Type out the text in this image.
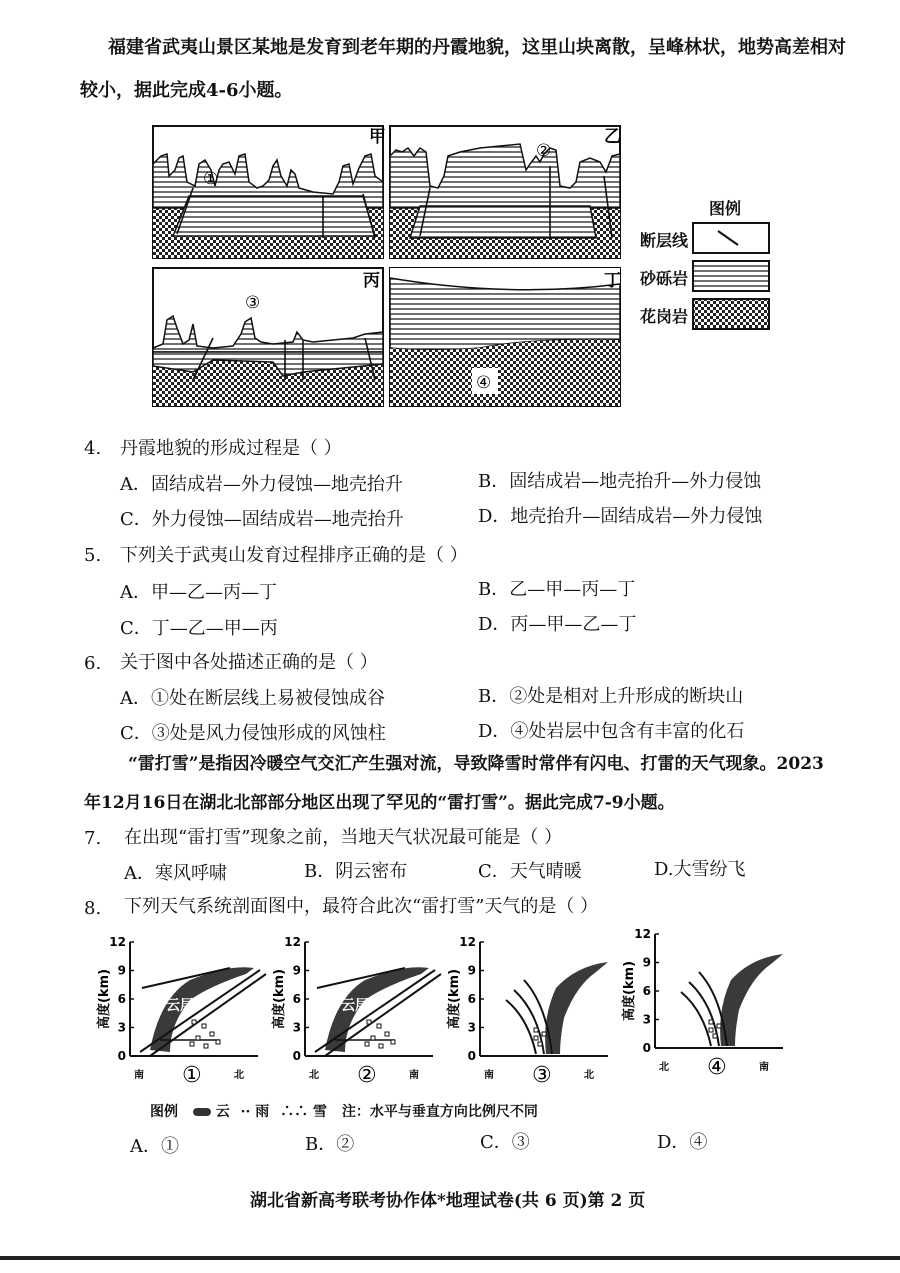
福建省武夷山景区某地是发育到老年期的丹霞地貌，这里山块离散，呈峰林状，地势高差相对
较小，据此完成4-6小题。
甲
①
乙
②
丙
③
丁
④
图例
断层线
砂砾岩
花岗岩
4. 丹霞地貌的形成过程是（ ）
A．固结成岩—外力侵蚀—地壳抬升	B．固结成岩—地壳抬升—外力侵蚀
C．外力侵蚀—固结成岩—地壳抬升	D．地壳抬升—固结成岩—外力侵蚀
5. 下列关于武夷山发育过程排序正确的是（ ）
A．甲—乙—丙—丁	B．乙—甲—丙—丁
C．丁—乙—甲—丙	D．丙—甲—乙—丁
6. 关于图中各处描述正确的是（ ）
A．①处在断层线上易被侵蚀成谷	B．②处是相对上升形成的断块山
C．③处是风力侵蚀形成的风蚀柱	D．④处岩层中包含有丰富的化石
“雷打雪”是指因冷暖空气交汇产生强对流，导致降雪时常伴有闪电、打雷的天气现象。2023
年12月16日在湖北北部部分地区出现了罕见的“雷打雪”。据此完成7-9小题。
7. 在出现“雷打雪”现象之前，当地天气状况最可能是（ ）
A．寒风呼啸	B．阴云密布	C．天气晴暖	D.大雪纷飞
8. 下列天气系统剖面图中，最符合此次“雷打雪”天气的是（ ）
0
3
6
9
12
高度(km)
南	北
①
云层
0
3
6
9
12
高度(km)
北	南
②
云层
0
3
6
9
12
高度(km)
南	北
③
云层
0
3
6
9
12
高度(km)
北	南
④
云层
图例	云 ·· 雨 ∴∴ 雪 注：水平与垂直方向比例尺不同
A．①	B．②	C．③	D．④
湖北省新高考联考协作体*地理试卷(共 6 页)第 2 页
